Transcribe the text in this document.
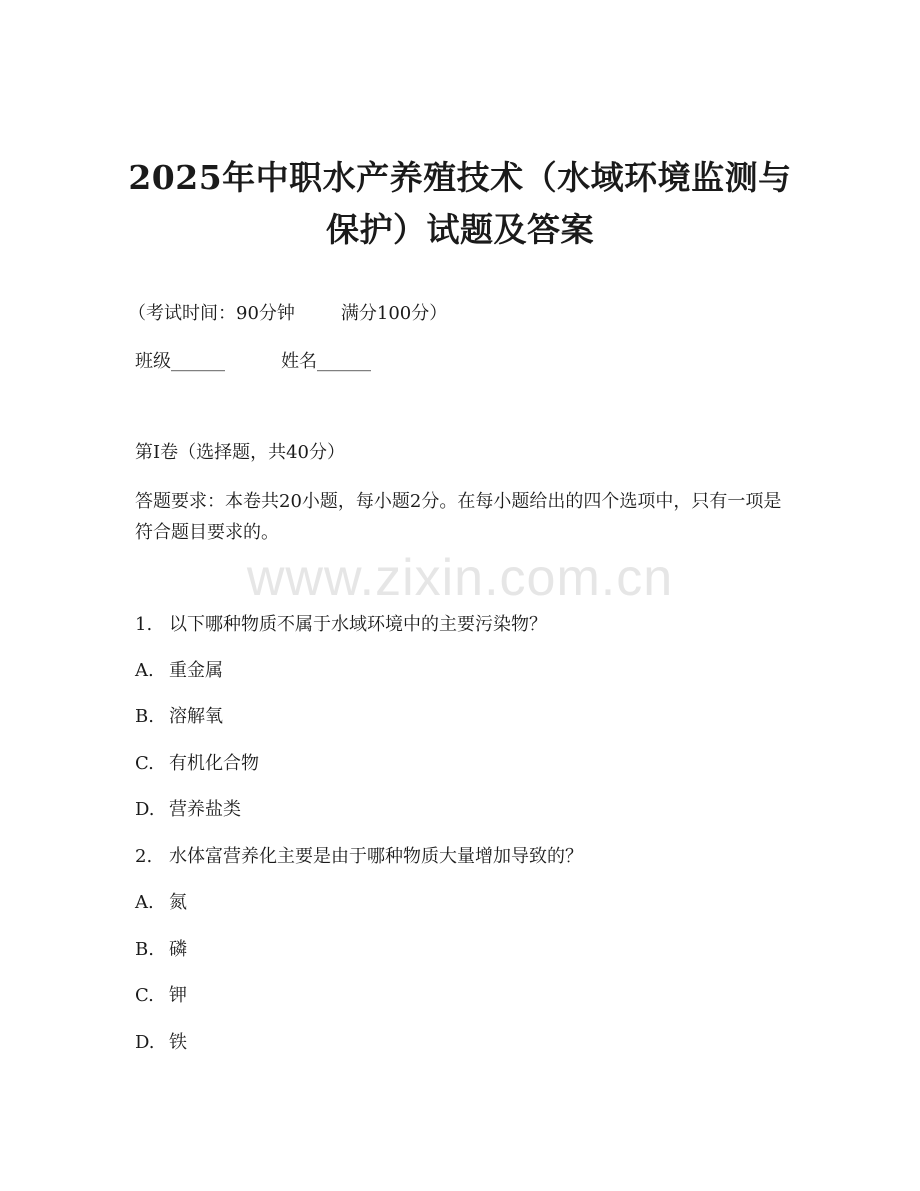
www.zixin.com.cn
2025年中职水产养殖技术（水域环境监测与
保护）试题及答案
（考试时间：90分钟	满分100分）
班级______	姓名______
第I卷（选择题，共40分）
答题要求：本卷共20小题，每小题2分。在每小题给出的四个选项中，只有一项是符合题目要求的。
1. 以下哪种物质不属于水域环境中的主要污染物？
A. 重金属
B. 溶解氧
C. 有机化合物
D. 营养盐类
2. 水体富营养化主要是由于哪种物质大量增加导致的？
A. 氮
B. 磷
C. 钾
D. 铁
